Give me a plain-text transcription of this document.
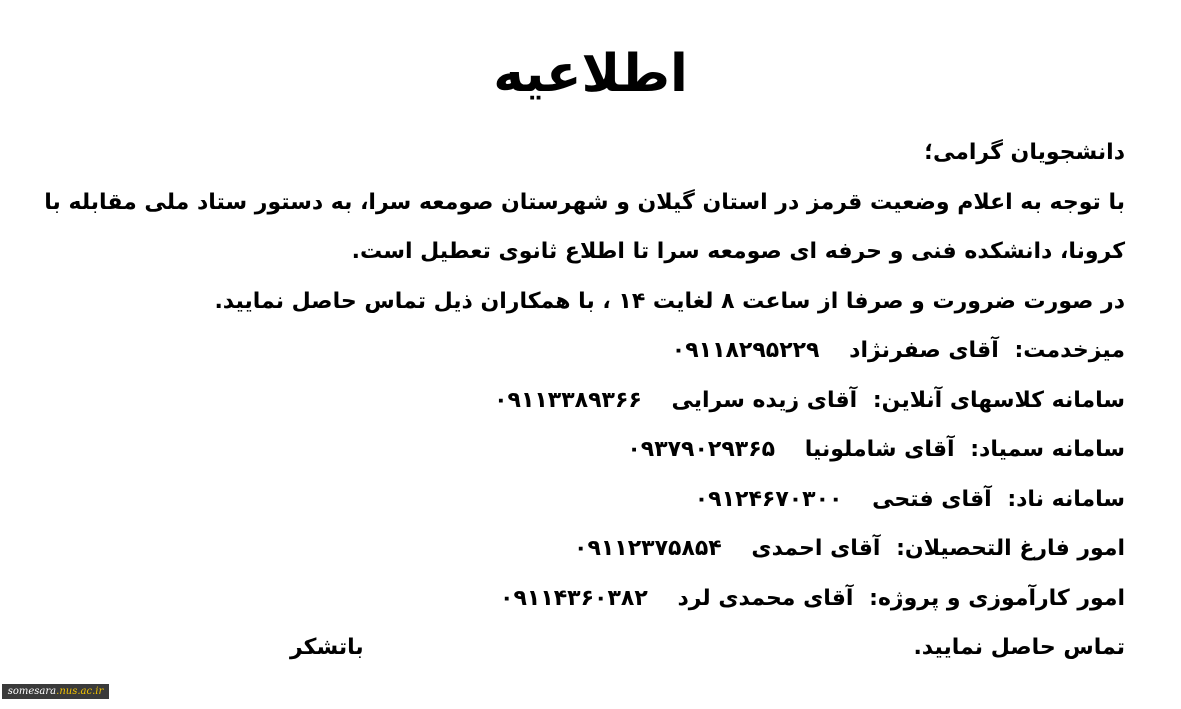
اطلاعیه
دانشجویان گرامی؛
با توجه به اعلام وضعیت قرمز در استان گیلان و شهرستان صومعه سرا، به دستور ستاد ملی مقابله با کرونا، دانشکده فنی و حرفه ای صومعه سرا تا اطلاع ثانوی تعطیل است.
در صورت ضرورت و صرفا از ساعت ۸ لغایت ۱۴ ، با همکاران ذیل تماس حاصل نمایید.
میزخدمت: آقای صفرنژاد ۰۹۱۱۸۲۹۵۲۲۹
سامانه کلاسهای آنلاین: آقای زیده سرایی ۰۹۱۱۳۳۸۹۳۶۶
سامانه سمیاد: آقای شاملونیا ۰۹۳۷۹۰۲۹۳۶۵
سامانه ناد: آقای فتحی ۰۹۱۲۴۶۷۰۳۰۰
امور فارغ التحصیلان: آقای احمدی ۰۹۱۱۲۳۷۵۸۵۴
امور کارآموزی و پروژه: آقای محمدی لرد ۰۹۱۱۴۳۶۰۳۸۲
تماس حاصل نمایید.
باتشکر
somesara.nus.ac.ir
